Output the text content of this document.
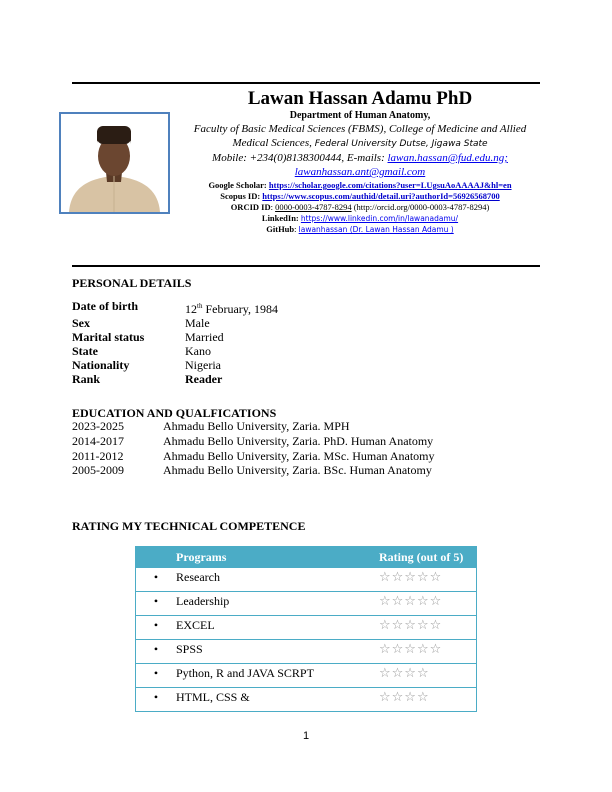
Lawan Hassan Adamu PhD
Department of Human Anatomy,
Faculty of Basic Medical Sciences (FBMS), College of Medicine and Allied
Medical Sciences, Federal University Dutse, Jigawa State
Mobile: +234(0)8138300444, E-mails: lawan.hassan@fud.edu.ng;
lawanhassan.ant@gmail.com
Google Scholar: https://scholar.google.com/citations?user=LUgsuAoAAAAJ&hl=en
Scopus ID: https://www.scopus.com/authid/detail.uri?authorId=56926568700
ORCID ID: 0000-0003-4787-8294 (http://orcid.org/0000-0003-4787-8294)
LinkedIn: https://www.linkedin.com/in/lawanadamu/
GitHub: lawanhassan (Dr. Lawan Hassan Adamu )
PERSONAL DETAILS
Date of birth	12th February, 1984
Sex	Male
Marital status	Married
State	Kano
Nationality	Nigeria
Rank	Reader
EDUCATION AND QUALFICATIONS
2023-2025	Ahmadu Bello University, Zaria. MPH
2014-2017	Ahmadu Bello University, Zaria. PhD. Human Anatomy
2011-2012	Ahmadu Bello University, Zaria. MSc. Human Anatomy
2005-2009	Ahmadu Bello University, Zaria. BSc. Human Anatomy
RATING MY TECHNICAL COMPETENCE
Programs	Rating (out of 5)
• Research	☆☆☆☆☆
• Leadership	☆☆☆☆☆
• EXCEL	☆☆☆☆☆
• SPSS	☆☆☆☆☆
• Python, R and JAVA SCRPT	☆☆☆☆
• HTML, CSS &	☆☆☆☆
1
